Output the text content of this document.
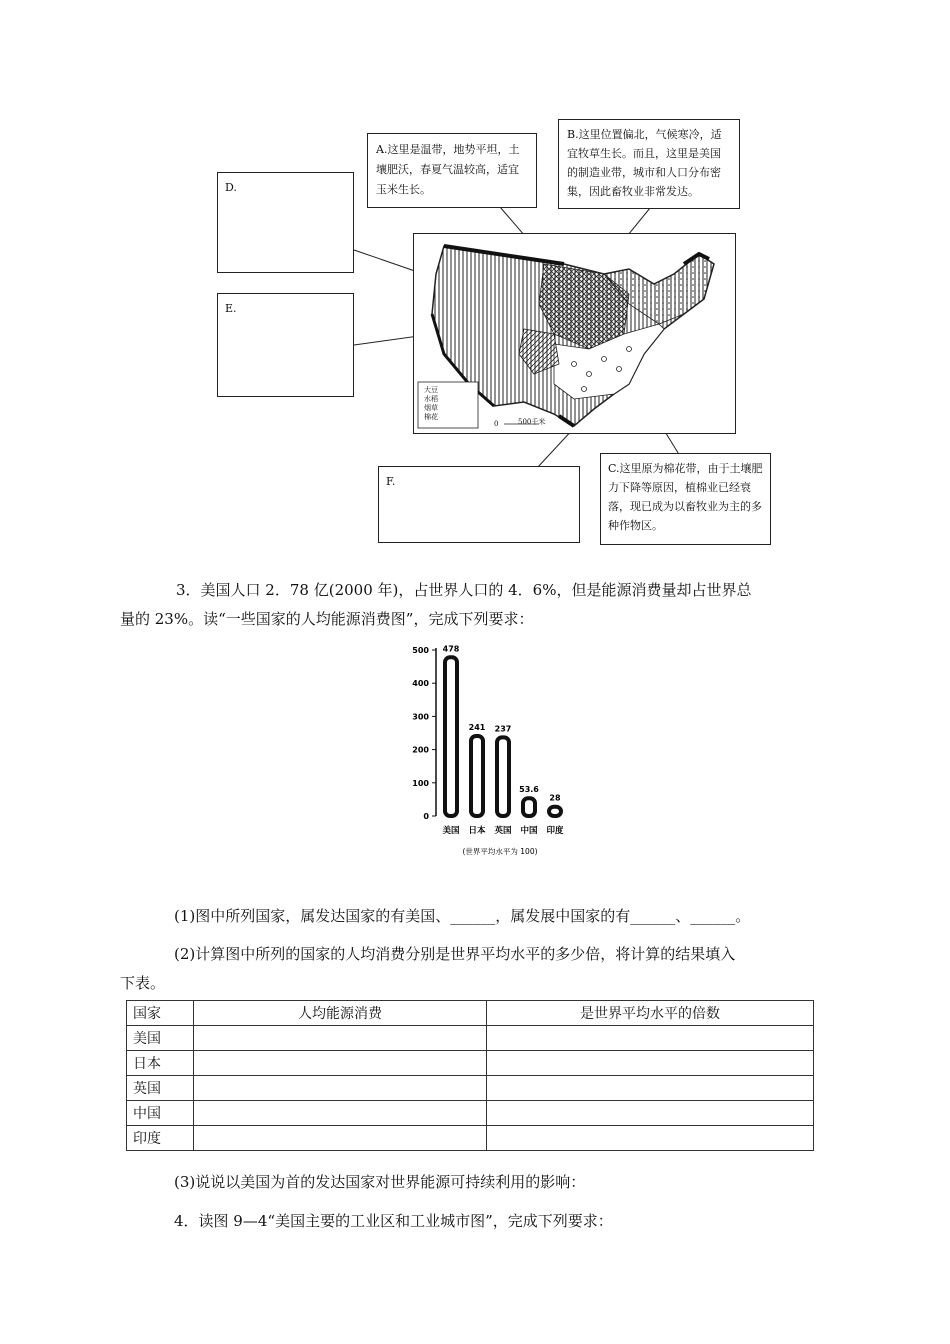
A.这里是温带，地势平坦，土壤肥沃，春夏气温较高，适宜玉米生长。
B.这里位置偏北，气候寒冷，适宜牧草生长。而且，这里是美国的制造业带，城市和人口分布密集，因此畜牧业非常发达。
D.
E.
F.
C.这里原为棉花带，由于土壤肥力下降等原因，植棉业已经衰落，现已成为以畜牧业为主的多种作物区。
大豆
水稻
烟草
棉花
0	500千米
3．美国人口 2．78 亿(2000 年)，占世界人口的 4．6%，但是能源消费量却占世界总
量的 23%。读“一些国家的人均能源消费图”，完成下列要求：
0
100
200
300
400
500 478
美国
241
日本
237
英国
53.6
中国
28
印度
(世界平均水平为 100)
(1)图中所列国家，属发达国家的有美国、______，属发展中国家的有______、______。
(2)计算图中所列的国家的人均消费分别是世界平均水平的多少倍，将计算的结果填入
下表。
国家	人均能源消费	是世界平均水平的倍数
美国		
日本		
英国		
中国		
印度		
(3)说说以美国为首的发达国家对世界能源可持续利用的影响：
4．读图 9—4“美国主要的工业区和工业城市图”，完成下列要求：
